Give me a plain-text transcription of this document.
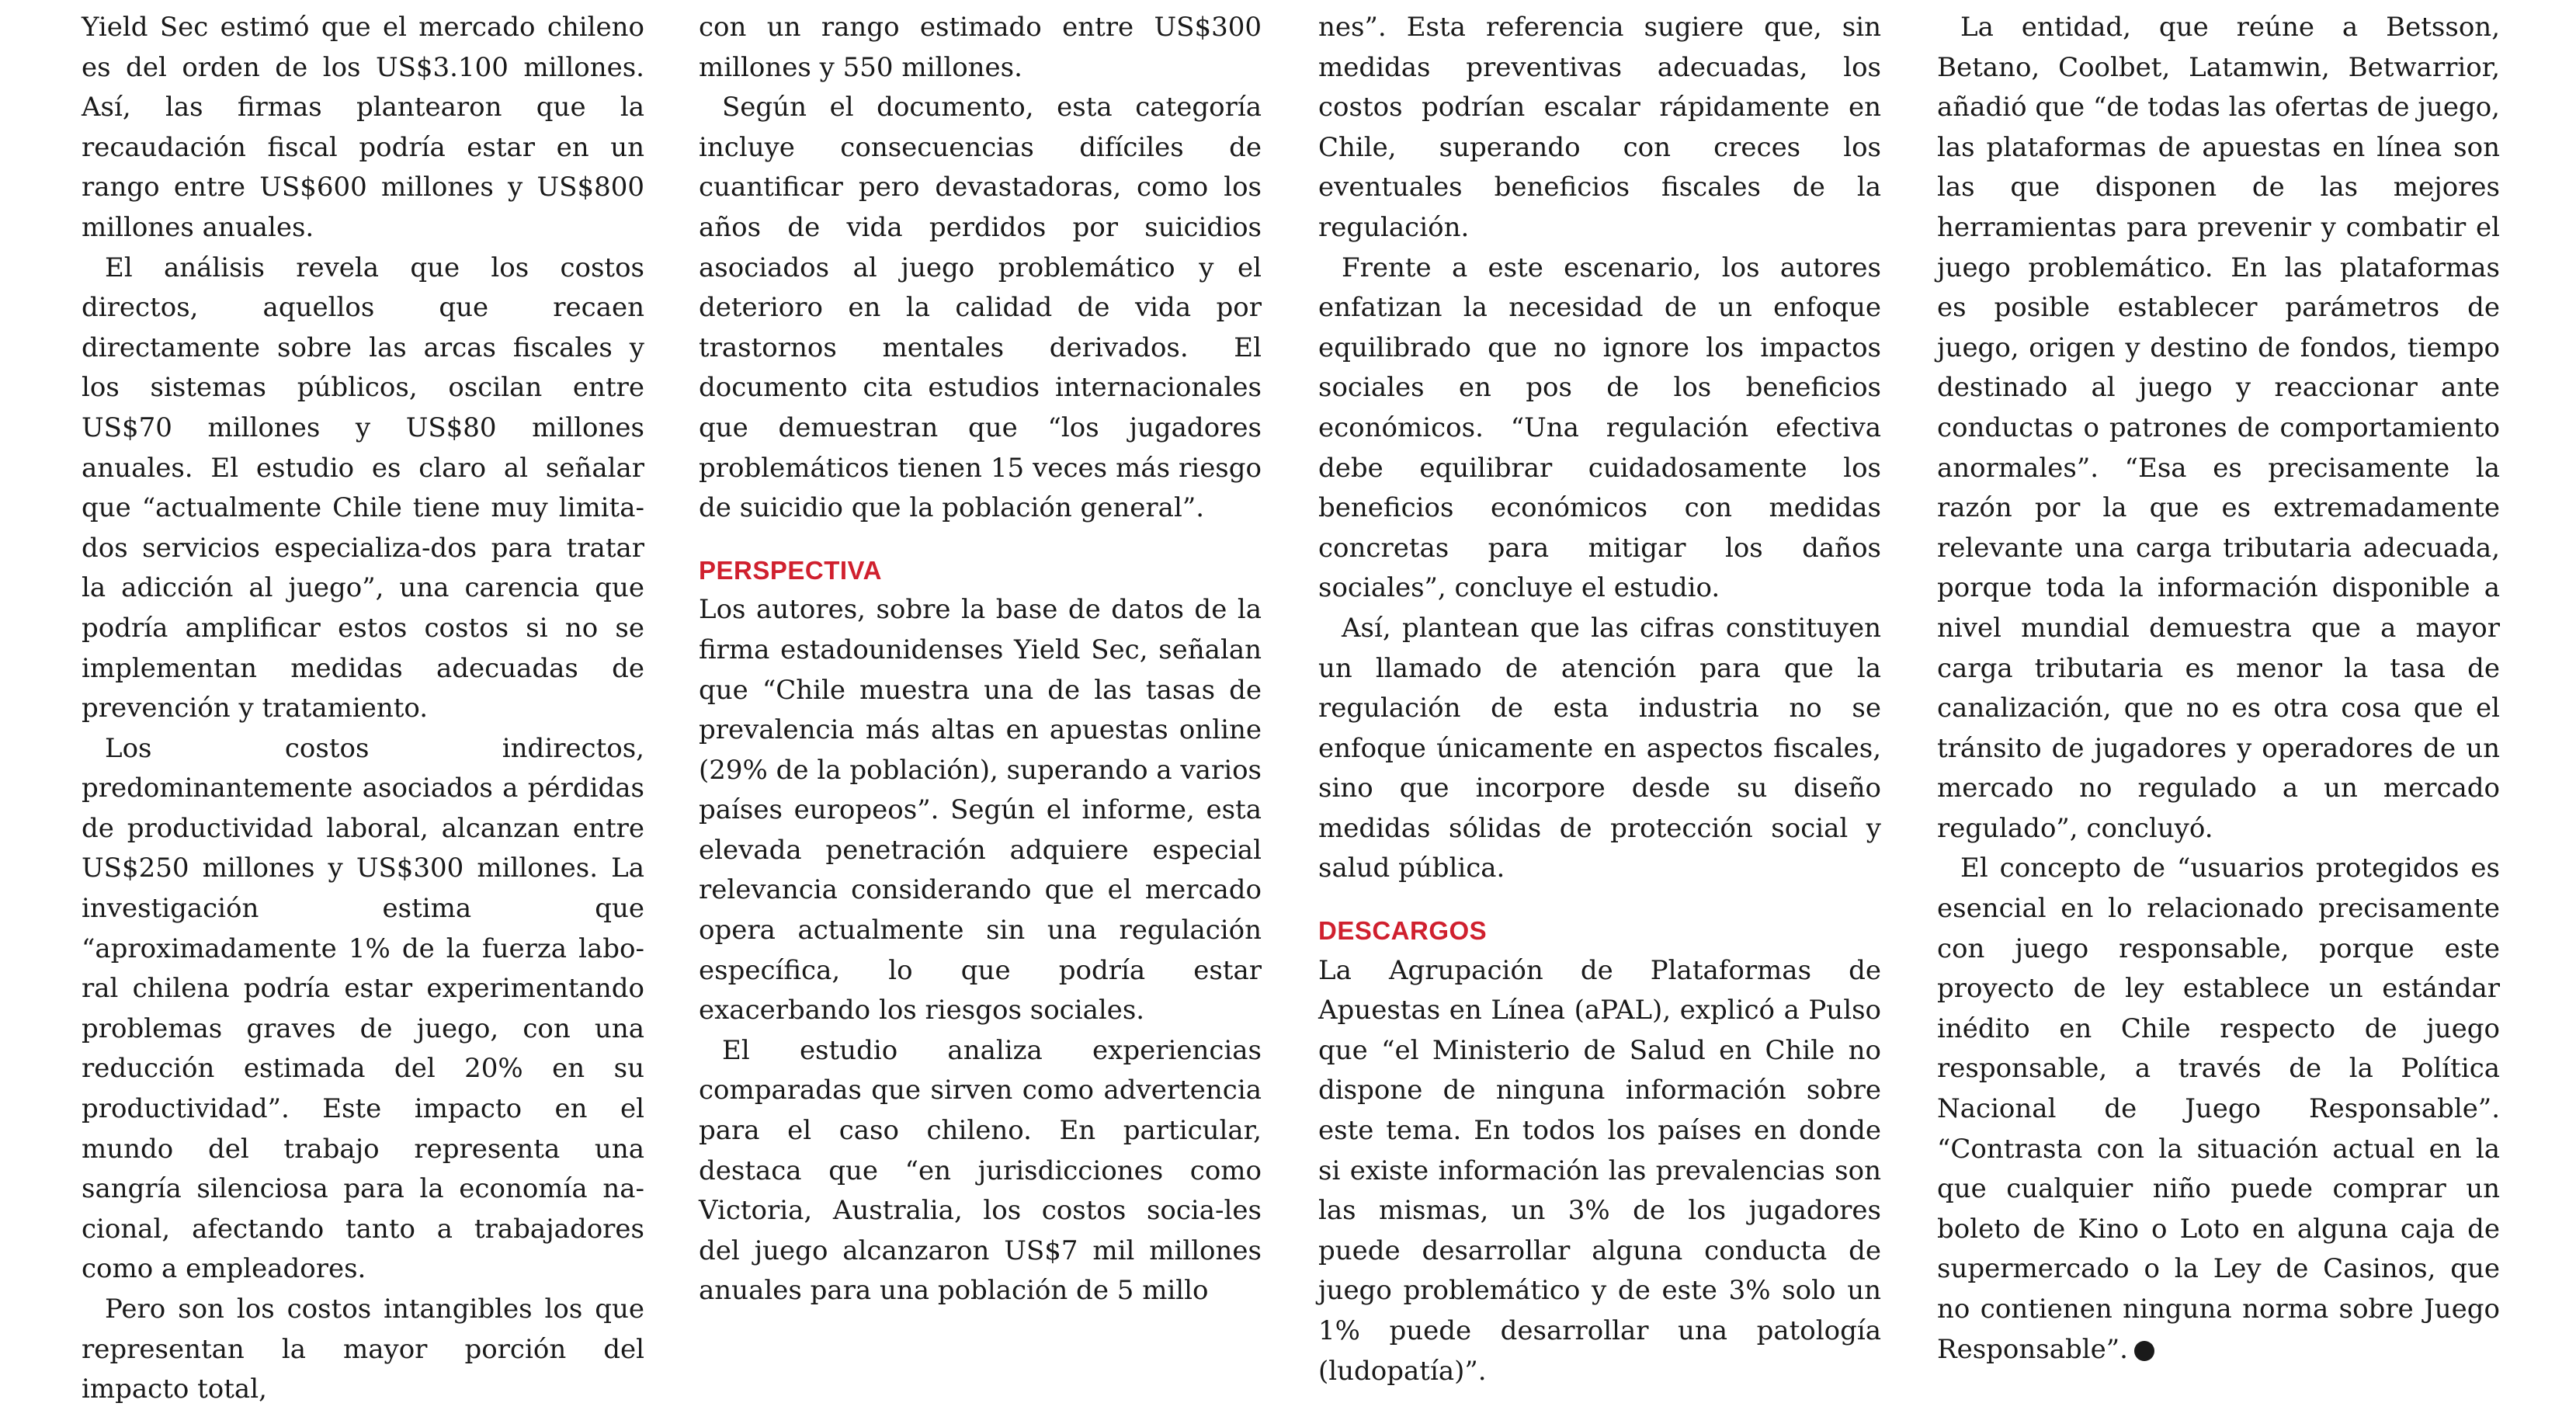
Yield Sec estimó que el mercado chileno es del orden de los US$3.100 millones. Así, las firmas plantearon que la recaudación fiscal podría estar en un rango entre US$600 millones y US$800 millones anuales.

El análisis revela que los costos directos, aquellos que recaen directamente sobre las arcas fiscales y los sistemas públicos, oscilan entre US$70 millones y US$80 millones anuales. El estudio es claro al señalar que “actualmente Chile tiene muy limitados servicios especializa-dos para tratar la adicción al juego”, una carencia que podría amplificar estos costos si no se implementan medidas adecuadas de prevención y tratamiento.

Los costos indirectos, predominantemente asociados a pérdidas de productividad laboral, alcanzan entre US$250 millones y US$300 millones. La investigación estima que “aproximadamente 1% de la fuerza laboral chilena podría estar experimentando problemas graves de juego, con una reducción estimada del 20% en su productividad”. Este impacto en el mundo del trabajo representa una sangría silenciosa para la economía nacional, afectando tanto a trabajadores como a empleadores.

Pero son los costos intangibles los que representan la mayor porción del impacto total,

con un rango estimado entre US$300 millones y 550 millones.

Según el documento, esta categoría incluye consecuencias difíciles de cuantificar pero devastadoras, como los años de vida perdidos por suicidios asociados al juego problemático y el deterioro en la calidad de vida por trastornos mentales derivados. El documento cita estudios internacionales que demuestran que “los jugadores problemáticos tienen 15 veces más riesgo de suicidio que la población general”.

PERSPECTIVA

Los autores, sobre la base de datos de la firma estadounidenses Yield Sec, señalan que “Chile muestra una de las tasas de prevalencia más altas en apuestas online (29% de la población), superando a varios países europeos”. Según el informe, esta elevada penetración adquiere especial relevancia considerando que el mercado opera actualmente sin una regulación específica, lo que podría estar exacerbando los riesgos sociales.

El estudio analiza experiencias comparadas que sirven como advertencia para el caso chileno. En particular, destaca que “en jurisdicciones como Victoria, Australia, los costos socia-les del juego alcanzaron US$7 mil millones anuales para una población de 5 millo

nes”. Esta referencia sugiere que, sin medidas preventivas adecuadas, los costos podrían escalar rápidamente en Chile, superando con creces los eventuales beneficios fiscales de la regulación.

Frente a este escenario, los autores enfatizan la necesidad de un enfoque equilibrado que no ignore los impactos sociales en pos de los beneficios económicos. “Una regulación efectiva debe equilibrar cuidadosamente los beneficios económicos con medidas concretas para mitigar los daños sociales”, concluye el estudio.

Así, plantean que las cifras constituyen un llamado de atención para que la regulación de esta industria no se enfoque únicamente en aspectos fiscales, sino que incorpore desde su diseño medidas sólidas de protección social y salud pública.

DESCARGOS

La Agrupación de Plataformas de Apuestas en Línea (aPAL), explicó a Pulso que “el Ministerio de Salud en Chile no dispone de ninguna información sobre este tema. En todos los países en donde si existe información las prevalencias son las mismas, un 3% de los jugadores puede desarrollar alguna conducta de juego problemático y de este 3% solo un 1% puede desarrollar una patología (ludopatía)”.

La entidad, que reúne a Betsson, Betano, Coolbet, Latamwin, Betwarrior, añadió que “de todas las ofertas de juego, las plataformas de apuestas en línea son las que disponen de las mejores herramientas para prevenir y combatir el juego problemático. En las plataformas es posible establecer parámetros de juego, origen y destino de fondos, tiempo destinado al juego y reaccionar ante conductas o patrones de comportamiento anormales”. “Esa es precisamente la razón por la que es extremadamente relevante una carga tributaria adecuada, porque toda la información disponible a nivel mundial demuestra que a mayor carga tributaria es menor la tasa de canalización, que no es otra cosa que el tránsito de jugadores y operadores de un mercado no regulado a un mercado regulado”, concluyó.

El concepto de “usuarios protegidos es esencial en lo relacionado precisamente con juego responsable, porque este proyecto de ley establece un estándar inédito en Chile respecto de juego responsable, a través de la Política Nacional de Juego Responsable”. “Contrasta con la situación actual en la que cualquier niño puede comprar un boleto de Kino o Loto en alguna caja de supermercado o la Ley de Casinos, que no contienen ninguna norma sobre Juego Responsable”. P
